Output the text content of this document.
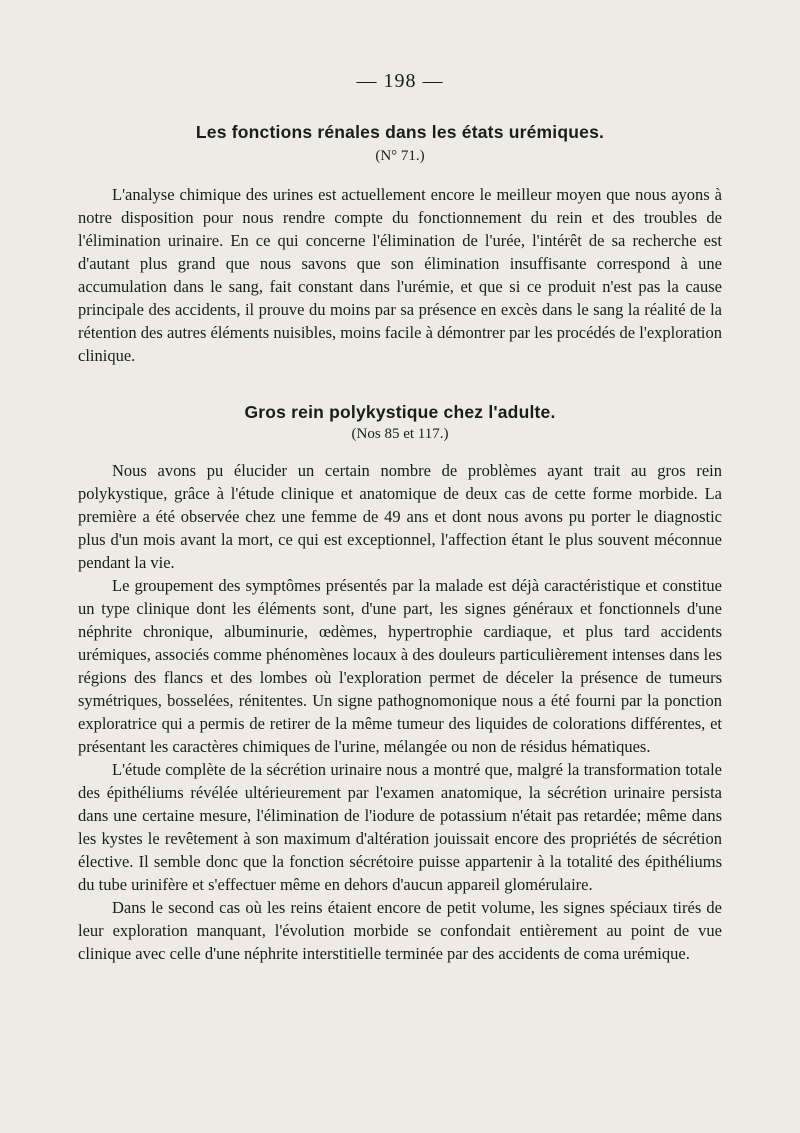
— 198 —
Les fonctions rénales dans les états urémiques.
(N° 71.)

L'analyse chimique des urines est actuellement encore le meilleur moyen que nous ayons à notre disposition pour nous rendre compte du fonctionnement du rein et des troubles de l'élimination urinaire. En ce qui concerne l'élimination de l'urée, l'intérêt de sa recherche est d'autant plus grand que nous savons que son élimination insuffisante correspond à une accumulation dans le sang, fait constant dans l'urémie, et que si ce produit n'est pas la cause principale des accidents, il prouve du moins par sa présence en excès dans le sang la réalité de la rétention des autres éléments nuisibles, moins facile à démontrer par les procédés de l'exploration clinique.

Gros rein polykystique chez l'adulte.
(Nos 85 et 117.)

Nous avons pu élucider un certain nombre de problèmes ayant trait au gros rein polykystique, grâce à l'étude clinique et anatomique de deux cas de cette forme morbide. La première a été observée chez une femme de 49 ans et dont nous avons pu porter le diagnostic plus d'un mois avant la mort, ce qui est exceptionnel, l'affection étant le plus souvent méconnue pendant la vie.

Le groupement des symptômes présentés par la malade est déjà caractéristique et constitue un type clinique dont les éléments sont, d'une part, les signes généraux et fonctionnels d'une néphrite chronique, albuminurie, œdèmes, hypertrophie cardiaque, et plus tard accidents urémiques, associés comme phénomènes locaux à des douleurs particulièrement intenses dans les régions des flancs et des lombes où l'exploration permet de déceler la présence de tumeurs symétriques, bosselées, rénitentes. Un signe pathognomonique nous a été fourni par la ponction exploratrice qui a permis de retirer de la même tumeur des liquides de colorations différentes, et présentant les caractères chimiques de l'urine, mélangée ou non de résidus hématiques.

L'étude complète de la sécrétion urinaire nous a montré que, malgré la transformation totale des épithéliums révélée ultérieurement par l'examen anatomique, la sécrétion urinaire persista dans une certaine mesure, l'élimination de l'iodure de potassium n'était pas retardée; même dans les kystes le revêtement à son maximum d'altération jouissait encore des propriétés de sécrétion élective. Il semble donc que la fonction sécrétoire puisse appartenir à la totalité des épithéliums du tube urinifère et s'effectuer même en dehors d'aucun appareil glomérulaire.

Dans le second cas où les reins étaient encore de petit volume, les signes spéciaux tirés de leur exploration manquant, l'évolution morbide se confondait entièrement au point de vue clinique avec celle d'une néphrite interstitielle terminée par des accidents de coma urémique.
